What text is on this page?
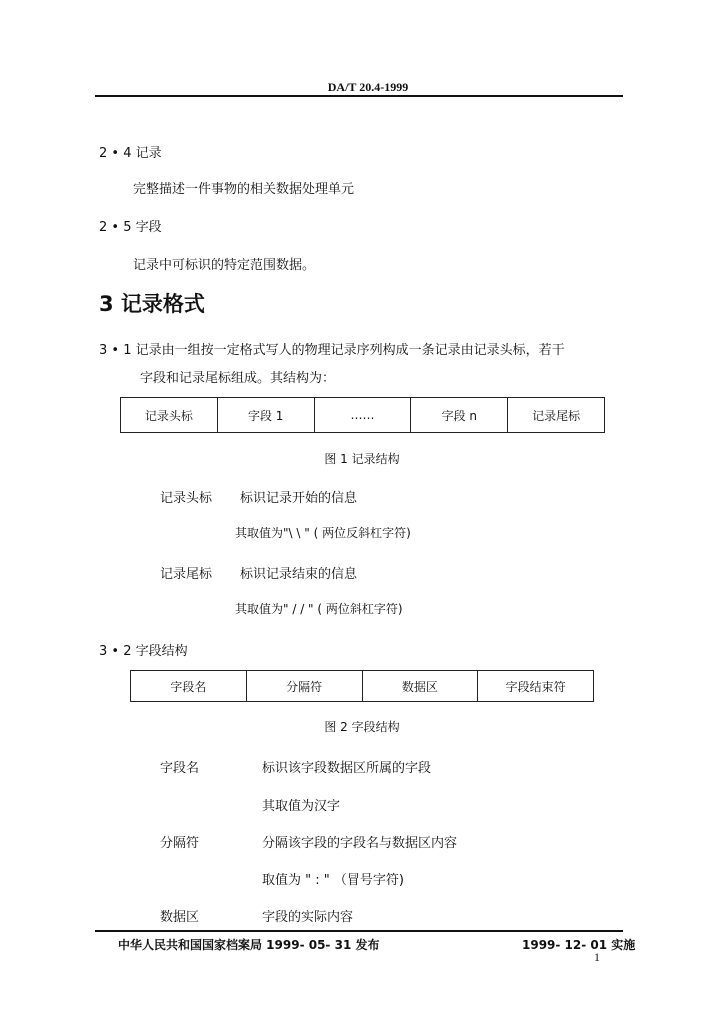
DA/T 20.4-1999
2 • 4 记录
完整描述一件事物的相关数据处理单元
2 • 5 字段
记录中可标识的特定范围数据。
3 记录格式
3 • 1 记录由一组按一定格式写人的物理记录序列构成一条记录由记录头标，若干
字段和记录尾标组成。其结构为：
记录头标	字段 1	……	字段 n	记录尾标
图 1 记录结构
记录头标 标识记录开始的信息
其取值为"\ \ " ( 两位反斜杠字符)
记录尾标 标识记录结束的信息
其取值为" / / " ( 两位斜杠字符)
3 • 2 字段结构
字段名	分隔符	数据区	字段结束符
图 2 字段结构
字段名	标识该字段数据区所属的字段
其取值为汉字
分隔符	分隔该字段的字段名与数据区内容
取值为 " : " （冒号字符)
数据区	字段的实际内容
中华人民共和国国家档案局 1999- 05- 31 发布	1999- 12- 01 实施
1
